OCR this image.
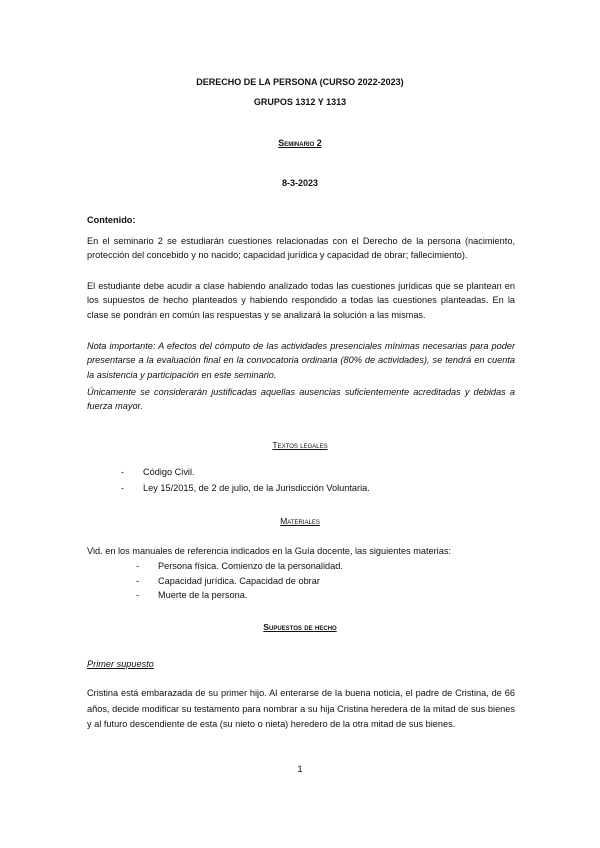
DERECHO DE LA PERSONA (CURSO 2022-2023)
GRUPOS 1312 Y 1313
Seminario 2
8-3-2023
Contenido:
En el seminario 2 se estudiarán cuestiones relacionadas con el Derecho de la persona (nacimiento, protección del concebido y no nacido; capacidad jurídica y capacidad de obrar; fallecimiento).
El estudiante debe acudir a clase habiendo analizado todas las cuestiones jurídicas que se plantean en los supuestos de hecho planteados y habiendo respondido a todas las cuestiones planteadas. En la clase se pondrán en común las respuestas y se analizará la solución a las mismas.
Nota importante: A efectos del cómputo de las actividades presenciales mínimas necesarias para poder presentarse a la evaluación final en la convocatoria ordinaria (80% de actividades), se tendrá en cuenta la asistencia y participación en este seminario.
Únicamente se considerarán justificadas aquellas ausencias suficientemente acreditadas y debidas a fuerza mayor.
Textos legales
- Código Civil.
- Ley 15/2015, de 2 de julio, de la Jurisdicción Voluntaria.
Materiales
Vid. en los manuales de referencia indicados en la Guía docente, las siguientes materias:
- Persona física. Comienzo de la personalidad.
- Capacidad jurídica. Capacidad de obrar
- Muerte de la persona.
Supuestos de hecho
Primer supuesto
Cristina está embarazada de su primer hijo. Al enterarse de la buena noticia, el padre de Cristina, de 66 años, decide modificar su testamento para nombrar a su hija Cristina heredera de la mitad de sus bienes y al futuro descendiente de esta (su nieto o nieta) heredero de la otra mitad de sus bienes.
1
